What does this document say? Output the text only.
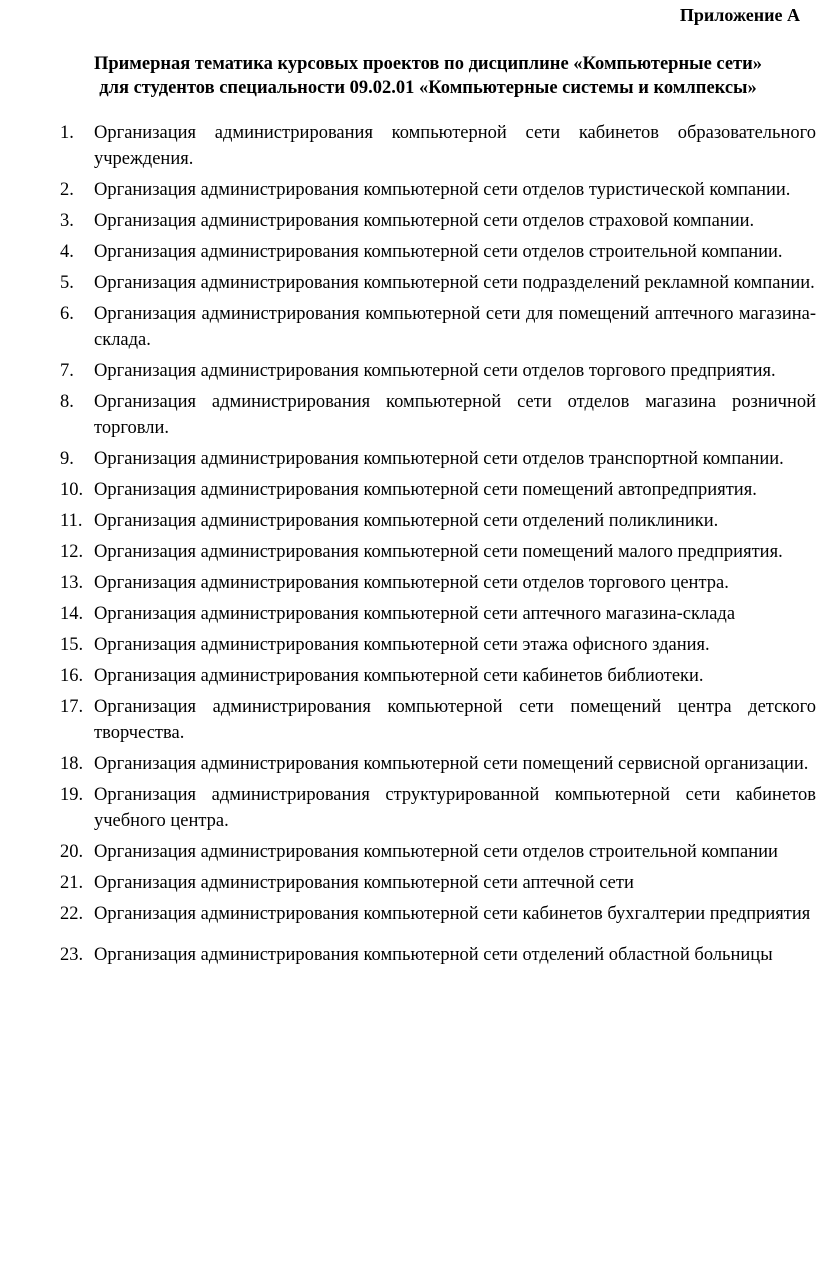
Приложение А
Примерная тематика курсовых проектов по дисциплине «Компьютерные сети»
для студентов специальности 09.02.01 «Компьютерные системы и комлпексы»
1. Организация администрирования компьютерной сети кабинетов образовательного учреждения.
2. Организация администрирования компьютерной сети отделов туристической компании.
3. Организация администрирования компьютерной сети отделов страховой компании.
4. Организация администрирования компьютерной сети отделов строительной компании.
5. Организация администрирования компьютерной сети подразделений рекламной компании.
6. Организация администрирования компьютерной сети для помещений аптечного магазина-склада.
7. Организация администрирования компьютерной сети отделов торгового предприятия.
8. Организация администрирования компьютерной сети отделов магазина розничной торговли.
9. Организация администрирования компьютерной сети отделов транспортной компании.
10. Организация администрирования компьютерной сети помещений автопредприятия.
11. Организация администрирования компьютерной сети отделений поликлиники.
12. Организация администрирования компьютерной сети помещений малого предприятия.
13. Организация администрирования компьютерной сети отделов торгового центра.
14. Организация администрирования компьютерной сети аптечного магазина-склада
15. Организация администрирования компьютерной сети этажа офисного здания.
16. Организация администрирования компьютерной сети кабинетов библиотеки.
17. Организация администрирования компьютерной сети помещений центра детского творчества.
18. Организация администрирования компьютерной сети помещений сервисной организации.
19. Организация администрирования структурированной компьютерной сети кабинетов учебного центра.
20. Организация администрирования компьютерной сети отделов строительной компании
21. Организация администрирования компьютерной сети аптечной сети
22. Организация администрирования компьютерной сети кабинетов бухгалтерии предприятия
23. Организация администрирования компьютерной сети отделений областной больницы
